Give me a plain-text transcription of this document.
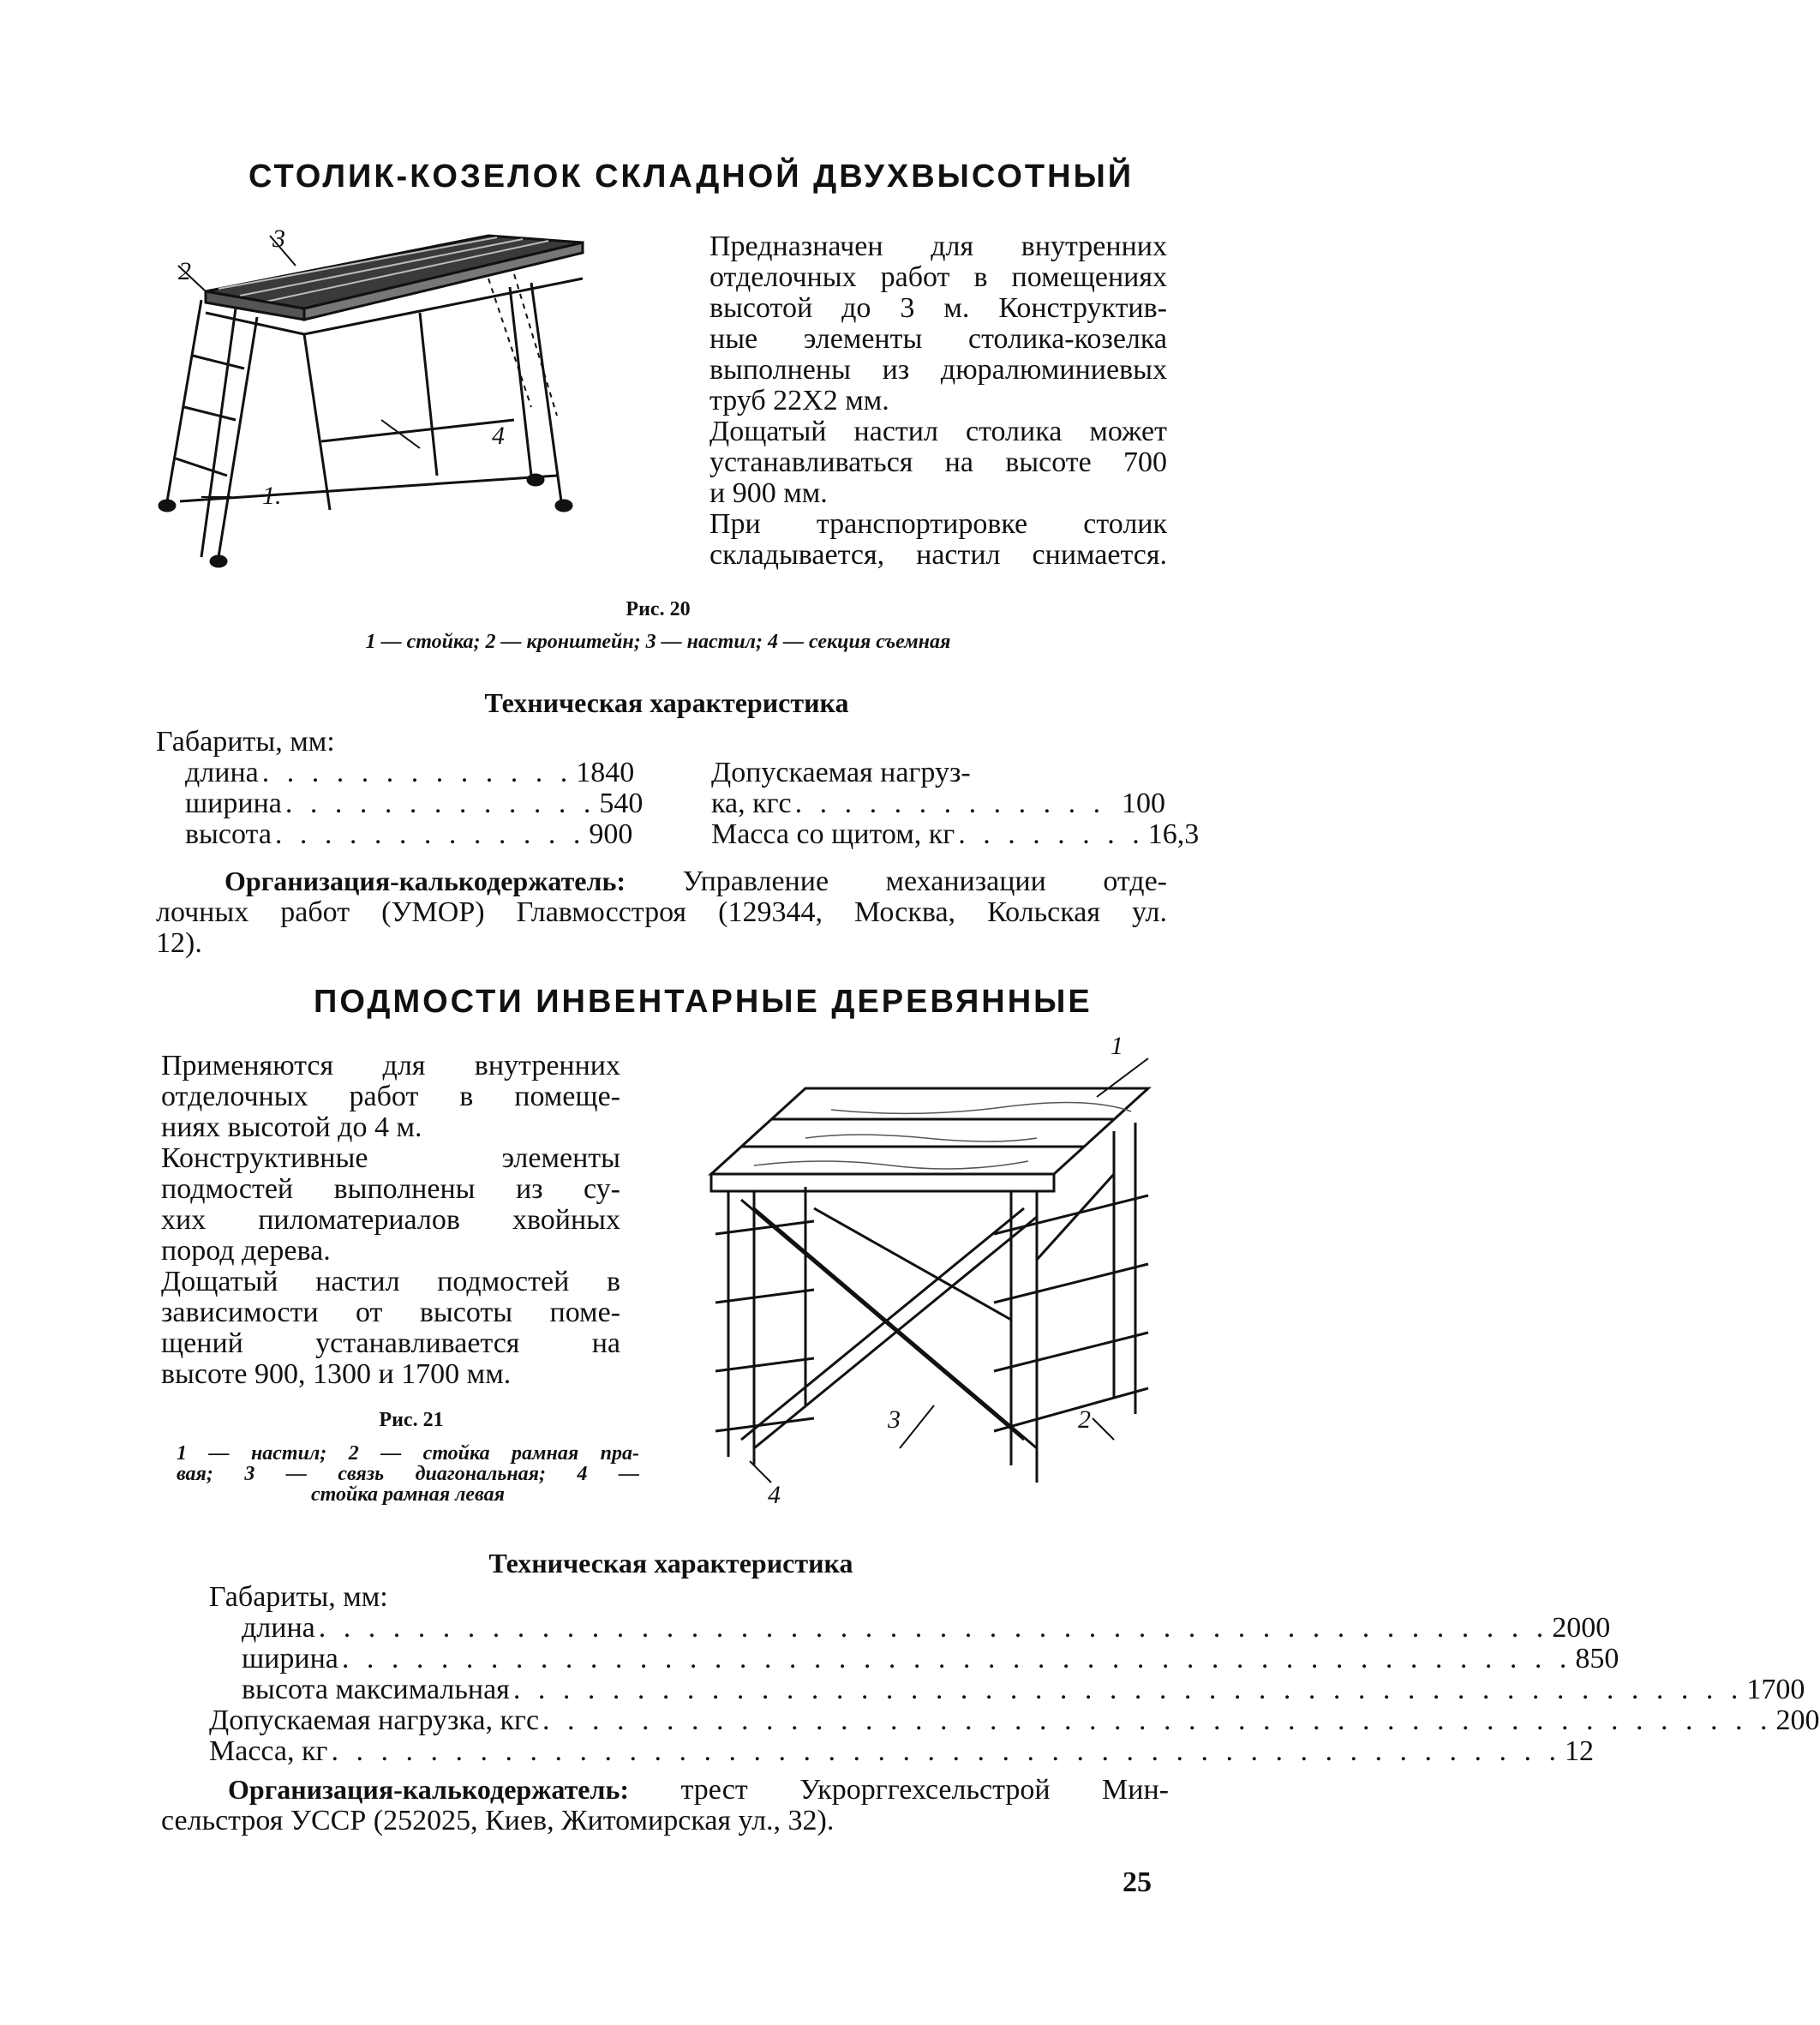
СТОЛИК-КОЗЕЛОК СКЛАДНОЙ ДВУХВЫСОТНЫЙ
3
2
4
1.
Предназначен для внутренних
отделочных работ в помещениях
высотой до 3 м. Конструктив-
ные элементы столика-козелка
выполнены из дюралюминиевых
труб 22Х2 мм.
Дощатый настил столика может
устанавливаться на высоте 700
и 900 мм.
При транспортировке столик
складывается, настил снимается.
Рис. 20
1 — стойка; 2 — кронштейн; 3 — настил; 4 — секция съемная
Техническая характеристика
Габариты, мм:
длина . . . . . . . . . . . . . 1840
ширина . . . . . . . . . . . . . 540
высота . . . . . . . . . . . . . 900
Допускаемая нагруз-
ка, кгс . . . . . . . . . . . . . 100
Масса со щитом, кг . . . . . . . . 16,3
Организация-калькодержатель: Управление механизации отде-
лочных работ (УМОР) Главмосстроя (129344, Москва, Кольская ул.
12).
ПОДМОСТИ ИНВЕНТАРНЫЕ ДЕРЕВЯННЫЕ
Применяются для внутренних
отделочных работ в помеще-
ниях высотой до 4 м.
Конструктивные элементы
подмостей выполнены из су-
хих пиломатериалов хвойных
пород дерева.
Дощатый настил подмостей в
зависимости от высоты поме-
щений устанавливается на
высоте 900, 1300 и 1700 мм.
Рис. 21
1 — настил; 2 — стойка рамная пра-
вая; 3 — связь диагональная; 4 —
стойка рамная левая
1
3	2
4
Техническая характеристика
Габариты, мм:
длина . . . . . . . . . . . . . . . . . . . . . . . . . . . . . . . . . . . . . . . . . . . . . . . . . . 2000
ширина . . . . . . . . . . . . . . . . . . . . . . . . . . . . . . . . . . . . . . . . . . . . . . . . . . 850
высота максимальная . . . . . . . . . . . . . . . . . . . . . . . . . . . . . . . . . . . . . . . . . . . . . . . . . . 1700
Допускаемая нагрузка, кгс . . . . . . . . . . . . . . . . . . . . . . . . . . . . . . . . . . . . . . . . . . . . . . . . . . 200
Масса, кг . . . . . . . . . . . . . . . . . . . . . . . . . . . . . . . . . . . . . . . . . . . . . . . . . . 12
Организация-калькодержатель: трест Укрорггехсельстрой Мин-
сельстроя УССР (252025, Киев, Житомирская ул., 32).
25
